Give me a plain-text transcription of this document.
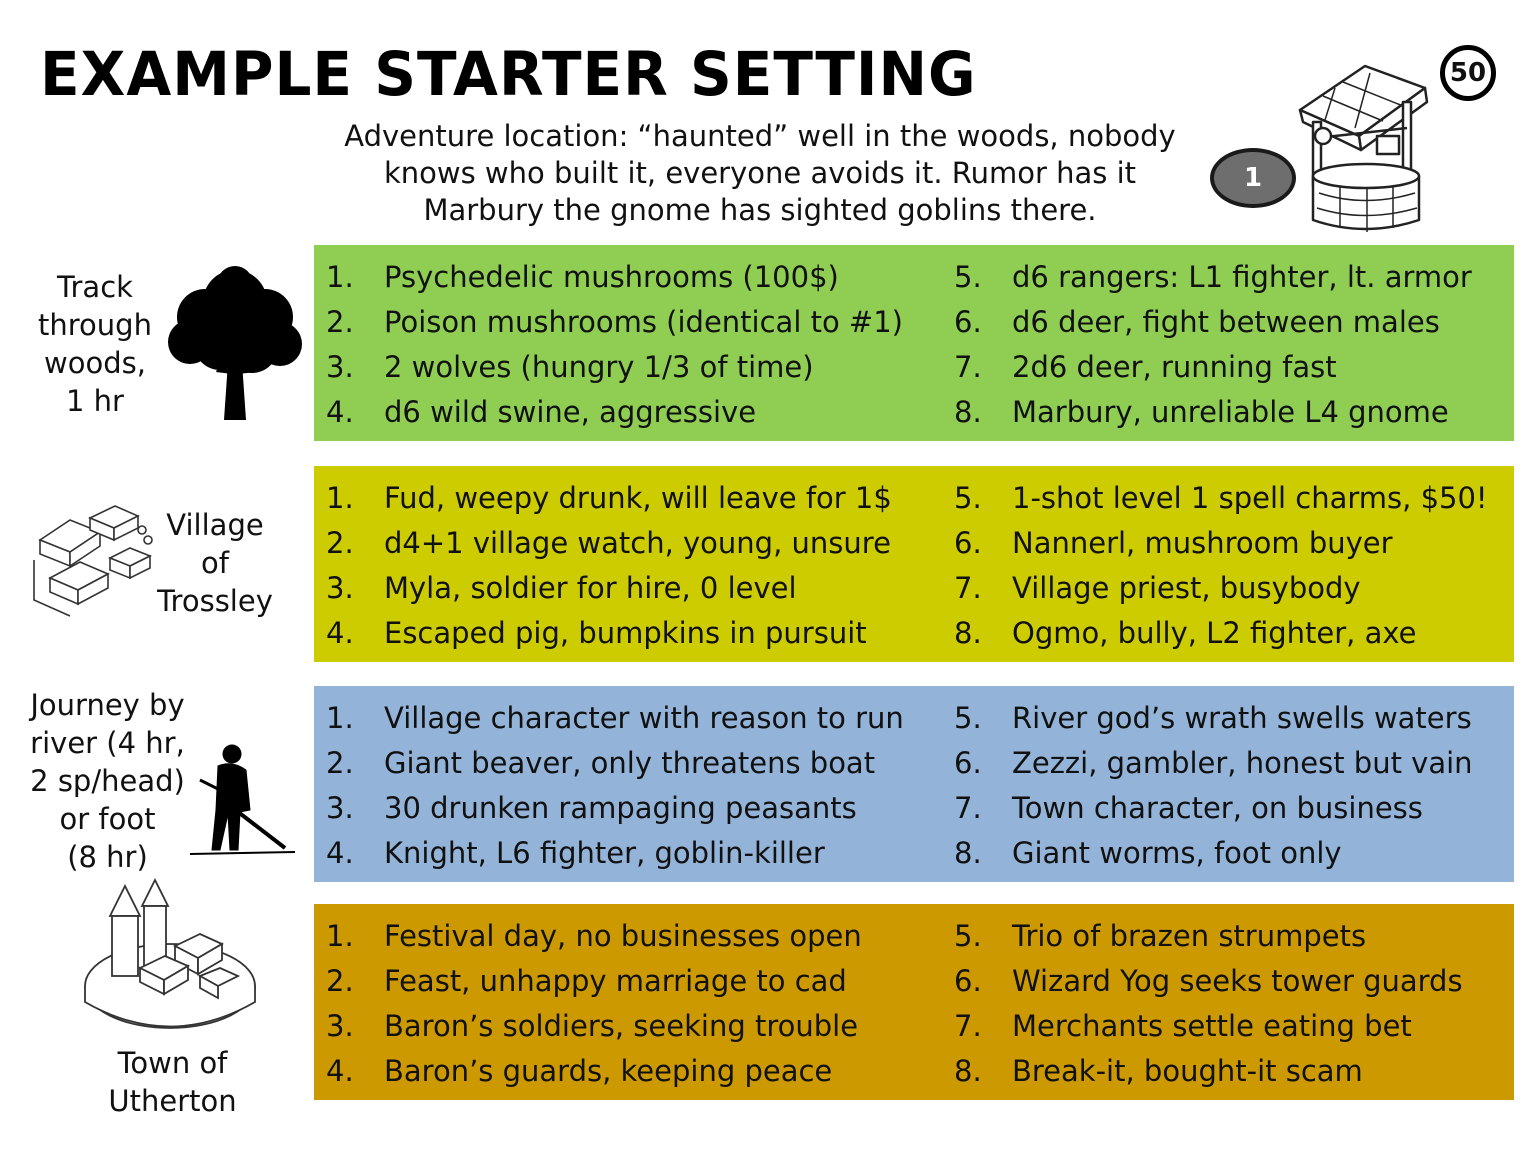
EXAMPLE STARTER SETTING	50

Adventure location: “haunted” well in the woods, nobody
knows who built it, everyone avoids it. Rumor has it
Marbury the gnome has sighted goblins there.

1

Track
through
woods,
1 hr

1.	Psychedelic mushrooms (100$)
2.	Poison mushrooms (identical to #1)
3.	2 wolves (hungry 1/3 of time)
4.	d6 wild swine, aggressive
5.	d6 rangers: L1 fighter, lt. armor
6.	d6 deer, fight between males
7.	2d6 deer, running fast
8.	Marbury, unreliable L4 gnome

Village
of
Trossley

1.	Fud, weepy drunk, will leave for 1$
2.	d4+1 village watch, young, unsure
3.	Myla, soldier for hire, 0 level
4.	Escaped pig, bumpkins in pursuit
5.	1-shot level 1 spell charms, $50!
6.	Nannerl, mushroom buyer
7.	Village priest, busybody
8.	Ogmo, bully, L2 fighter, axe

Journey by
river (4 hr,
2 sp/head)
or foot
(8 hr)

1.	Village character with reason to run
2.	Giant beaver, only threatens boat
3.	30 drunken rampaging peasants
4.	Knight, L6 fighter, goblin-killer
5.	River god’s wrath swells waters
6.	Zezzi, gambler, honest but vain
7.	Town character, on business
8.	Giant worms, foot only

Town of
Utherton

1.	Festival day, no businesses open
2.	Feast, unhappy marriage to cad
3.	Baron’s soldiers, seeking trouble
4.	Baron’s guards, keeping peace
5.	Trio of brazen strumpets
6.	Wizard Yog seeks tower guards
7.	Merchants settle eating bet
8.	Break-it, bought-it scam
